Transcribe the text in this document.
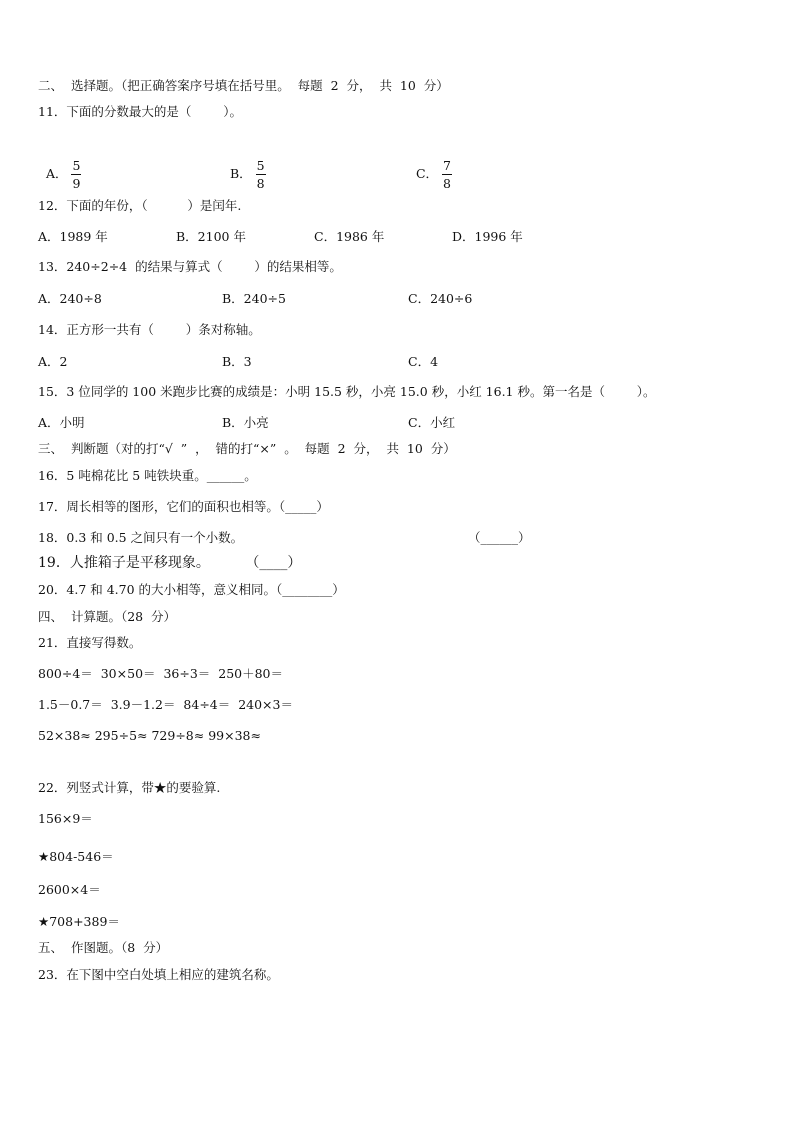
二、  选择题。（把正确答案序号填在括号里。  每题  2  分，  共  10  分）
11．下面的分数最大的是（        ）。

A． $\frac{5}{9}$	B． $\frac{5}{8}$	C． $\frac{7}{8}$

12．下面的年份，（          ）是闰年.
A．1989 年	B．2100 年	C．1986 年	D．1996 年
13．240÷2÷4  的结果与算式（        ）的结果相等。
A．240÷8	B．240÷5	C．240÷6
14．正方形一共有（        ）条对称轴。
A．2	B．3	C．4
15．3 位同学的 100 米跑步比赛的成绩是：小明 15.5 秒，小亮 15.0 秒，小红 16.1 秒。第一名是（        ）。
A．小明	B．小亮	C．小红
三、  判断题（对的打“√  ”  ，  错的打“×”  。  每题  2  分，  共  10  分）
16．5 吨棉花比 5 吨铁块重。______。
17．周长相等的图形，它们的面积也相等。（_____）
18．0.3 和 0.5 之间只有一个小数。	（______）
19．人推箱子是平移现象。        （____）
20．4.7 和 4.70 的大小相等，意义相同。（________）
四、  计算题。（28  分）
21．直接写得数。
800÷4＝  30×50＝  36÷3＝  250＋80＝
1.5－0.7＝  3.9－1.2＝  84÷4＝  240×3＝
52×38≈ 295÷5≈ 729÷8≈ 99×38≈
22．列竖式计算，带★的要验算.
156×9＝
★804-546＝
2600×4＝
★708+389＝
五、  作图题。（8  分）
23．在下图中空白处填上相应的建筑名称。
